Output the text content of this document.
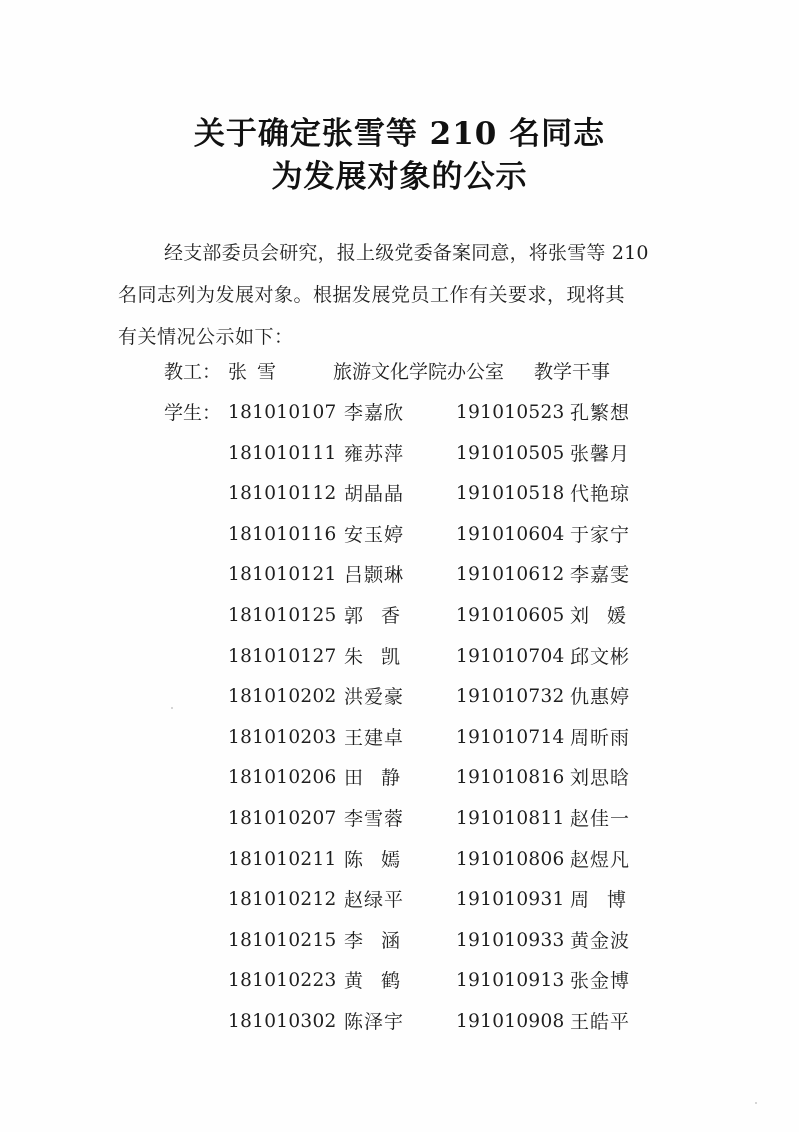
关于确定张雪等 210 名同志
为发展对象的公示
经支部委员会研究，报上级党委备案同意，将张雪等 210
名同志列为发展对象。根据发展党员工作有关要求，现将其
有关情况公示如下：
教工： 张雪 旅游文化学院办公室 教学干事
学生： 181010107 李嘉欣	191010523 孔繁想
181010111 雍苏萍	191010505 张馨月
181010112 胡晶晶	191010518 代艳琼
181010116 安玉婷	191010604 于家宁
181010121 吕颢琳	191010612 李嘉雯
181010125 郭香 191010605 刘媛
181010127 朱凯 191010704 邱文彬
181010202 洪爱豪	191010732 仇惠婷
181010203 王建卓	191010714 周昕雨
181010206 田静 191010816 刘思晗
181010207 李雪蓉	191010811 赵佳一
181010211 陈嫣 191010806 赵煜凡
181010212 赵绿平	191010931 周博
181010215 李涵 191010933 黄金波
181010223 黄鹤 191010913 张金博
181010302 陈泽宇	191010908 王皓平
